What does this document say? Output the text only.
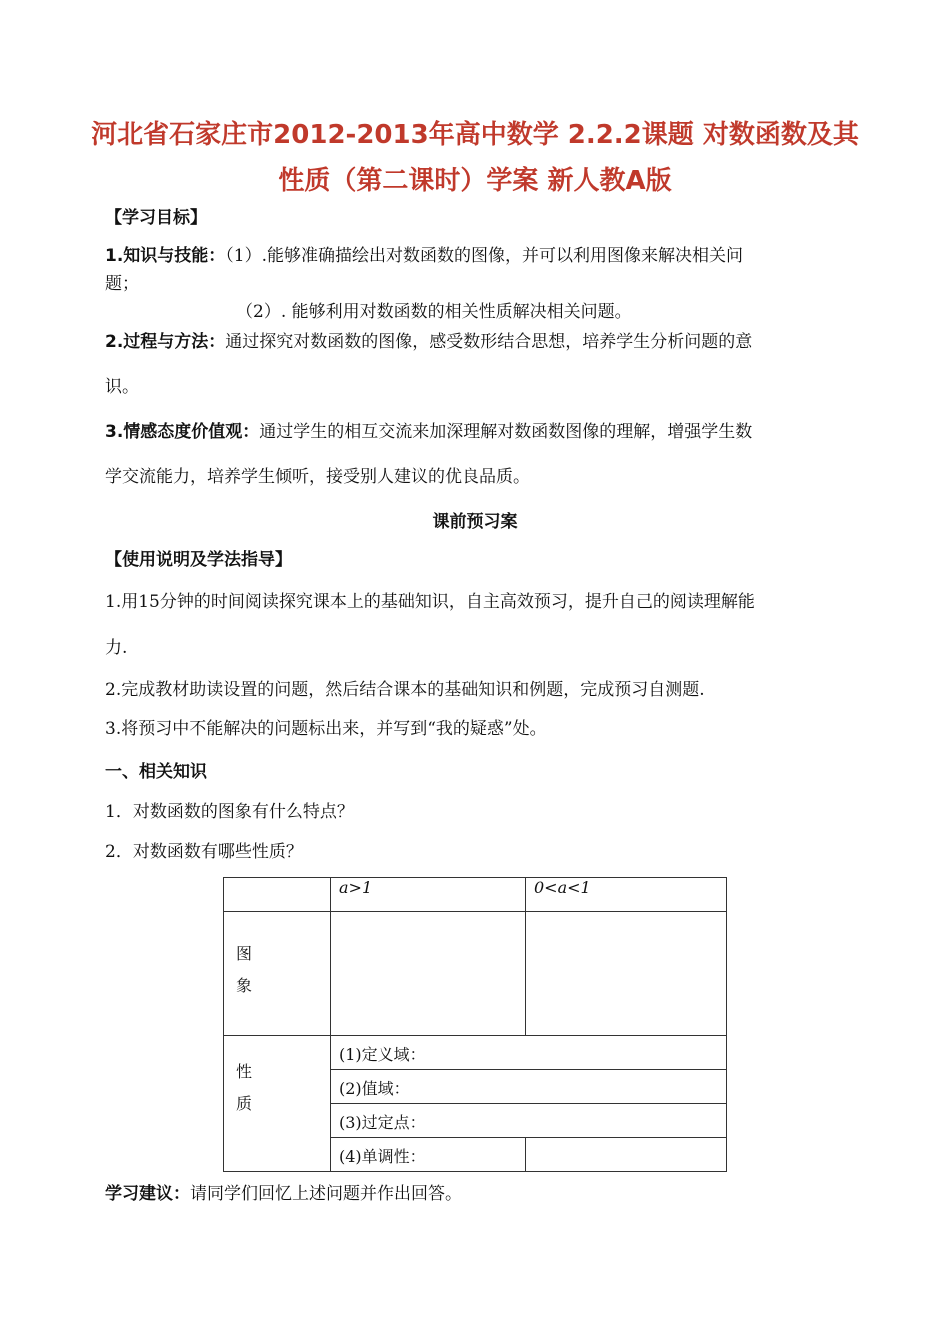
河北省石家庄市2012-2013年高中数学 2.2.2课题 对数函数及其
性质（第二课时）学案 新人教A版
【学习目标】
1.知识与技能：（1）.能够准确描绘出对数函数的图像，并可以利用图像来解决相关问
题；
（2）. 能够利用对数函数的相关性质解决相关问题。
2.过程与方法：通过探究对数函数的图像，感受数形结合思想，培养学生分析问题的意
识。
3.情感态度价值观：通过学生的相互交流来加深理解对数函数图像的理解，增强学生数
学交流能力，培养学生倾听，接受别人建议的优良品质。
课前预习案
【使用说明及学法指导】
1.用15分钟的时间阅读探究课本上的基础知识，自主高效预习，提升自己的阅读理解能
力.
2.完成教材助读设置的问题，然后结合课本的基础知识和例题，完成预习自测题.
3.将预习中不能解决的问题标出来，并写到“我的疑惑”处。
一、相关知识
1．对数函数的图象有什么特点？
2．对数函数有哪些性质？
	a>1	0<a<1

图
象		

性
质	(1)定义域：	
	(2)值域：	
	(3)过定点：	
	(4)单调性：	
学习建议：请同学们回忆上述问题并作出回答。
